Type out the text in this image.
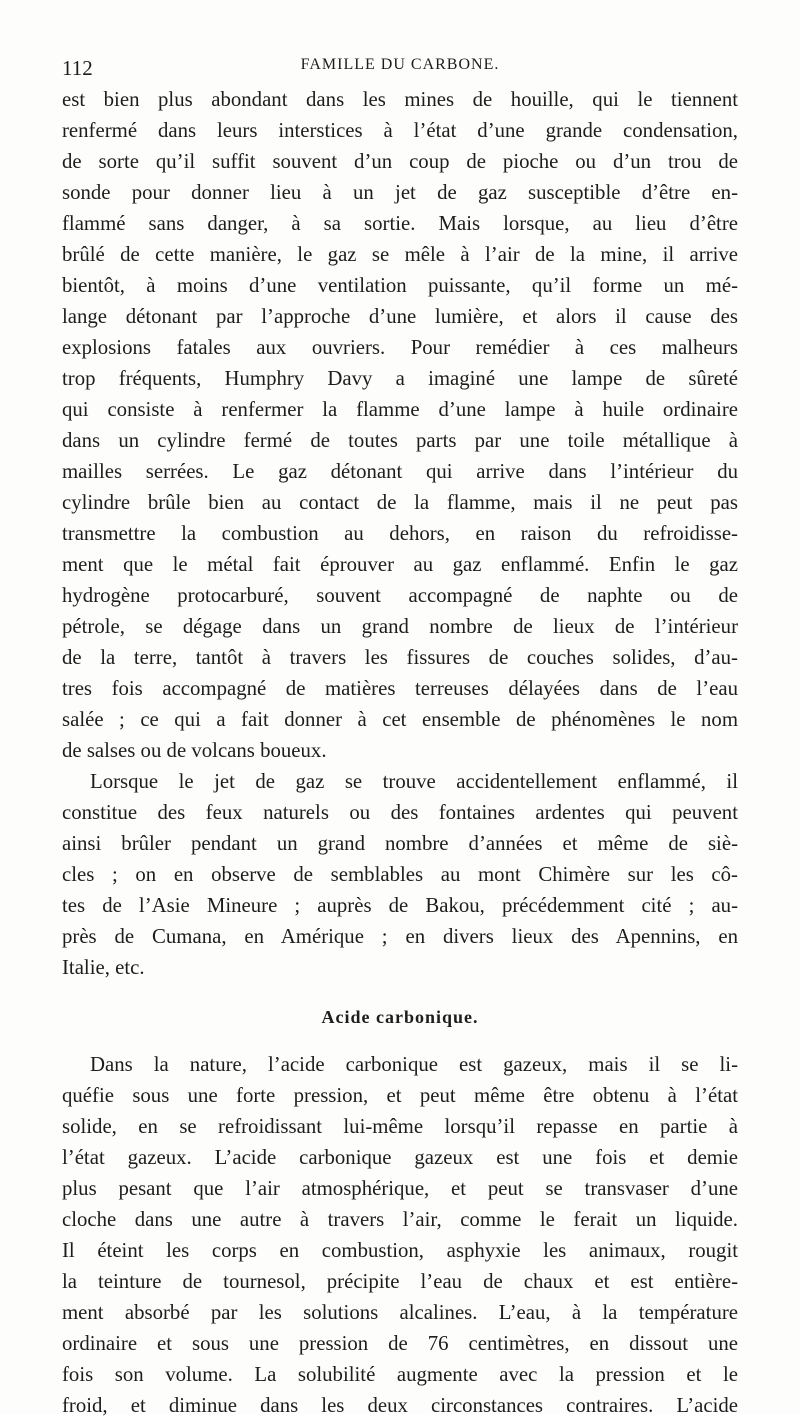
112	FAMILLE DU CARBONE.
est bien plus abondant dans les mines de houille, qui le tiennent
renfermé dans leurs interstices à l’état d’une grande condensation,
de sorte qu’il suffit souvent d’un coup de pioche ou d’un trou de
sonde pour donner lieu à un jet de gaz susceptible d’être en-
flammé sans danger, à sa sortie. Mais lorsque, au lieu d’être
brûlé de cette manière, le gaz se mêle à l’air de la mine, il arrive
bientôt, à moins d’une ventilation puissante, qu’il forme un mé-
lange détonant par l’approche d’une lumière, et alors il cause des
explosions fatales aux ouvriers. Pour remédier à ces malheurs
trop fréquents, Humphry Davy a imaginé une lampe de sûreté
qui consiste à renfermer la flamme d’une lampe à huile ordinaire
dans un cylindre fermé de toutes parts par une toile métallique à
mailles serrées. Le gaz détonant qui arrive dans l’intérieur du
cylindre brûle bien au contact de la flamme, mais il ne peut pas
transmettre la combustion au dehors, en raison du refroidisse-
ment que le métal fait éprouver au gaz enflammé. Enfin le gaz
hydrogène protocarburé, souvent accompagné de naphte ou de
pétrole, se dégage dans un grand nombre de lieux de l’intérieur
de la terre, tantôt à travers les fissures de couches solides, d’au-
tres fois accompagné de matières terreuses délayées dans de l’eau
salée ; ce qui a fait donner à cet ensemble de phénomènes le nom
de salses ou de volcans boueux.
Lorsque le jet de gaz se trouve accidentellement enflammé, il
constitue des feux naturels ou des fontaines ardentes qui peuvent
ainsi brûler pendant un grand nombre d’années et même de siè-
cles ; on en observe de semblables au mont Chimère sur les cô-
tes de l’Asie Mineure ; auprès de Bakou, précédemment cité ; au-
près de Cumana, en Amérique ; en divers lieux des Apennins, en
Italie, etc.
Acide carbonique.
Dans la nature, l’acide carbonique est gazeux, mais il se li-
quéfie sous une forte pression, et peut même être obtenu à l’état
solide, en se refroidissant lui-même lorsqu’il repasse en partie à
l’état gazeux. L’acide carbonique gazeux est une fois et demie
plus pesant que l’air atmosphérique, et peut se transvaser d’une
cloche dans une autre à travers l’air, comme le ferait un liquide.
Il éteint les corps en combustion, asphyxie les animaux, rougit
la teinture de tournesol, précipite l’eau de chaux et est entière-
ment absorbé par les solutions alcalines. L’eau, à la température
ordinaire et sous une pression de 76 centimètres, en dissout une
fois son volume. La solubilité augmente avec la pression et le
froid, et diminue dans les deux circonstances contraires. L’acide
